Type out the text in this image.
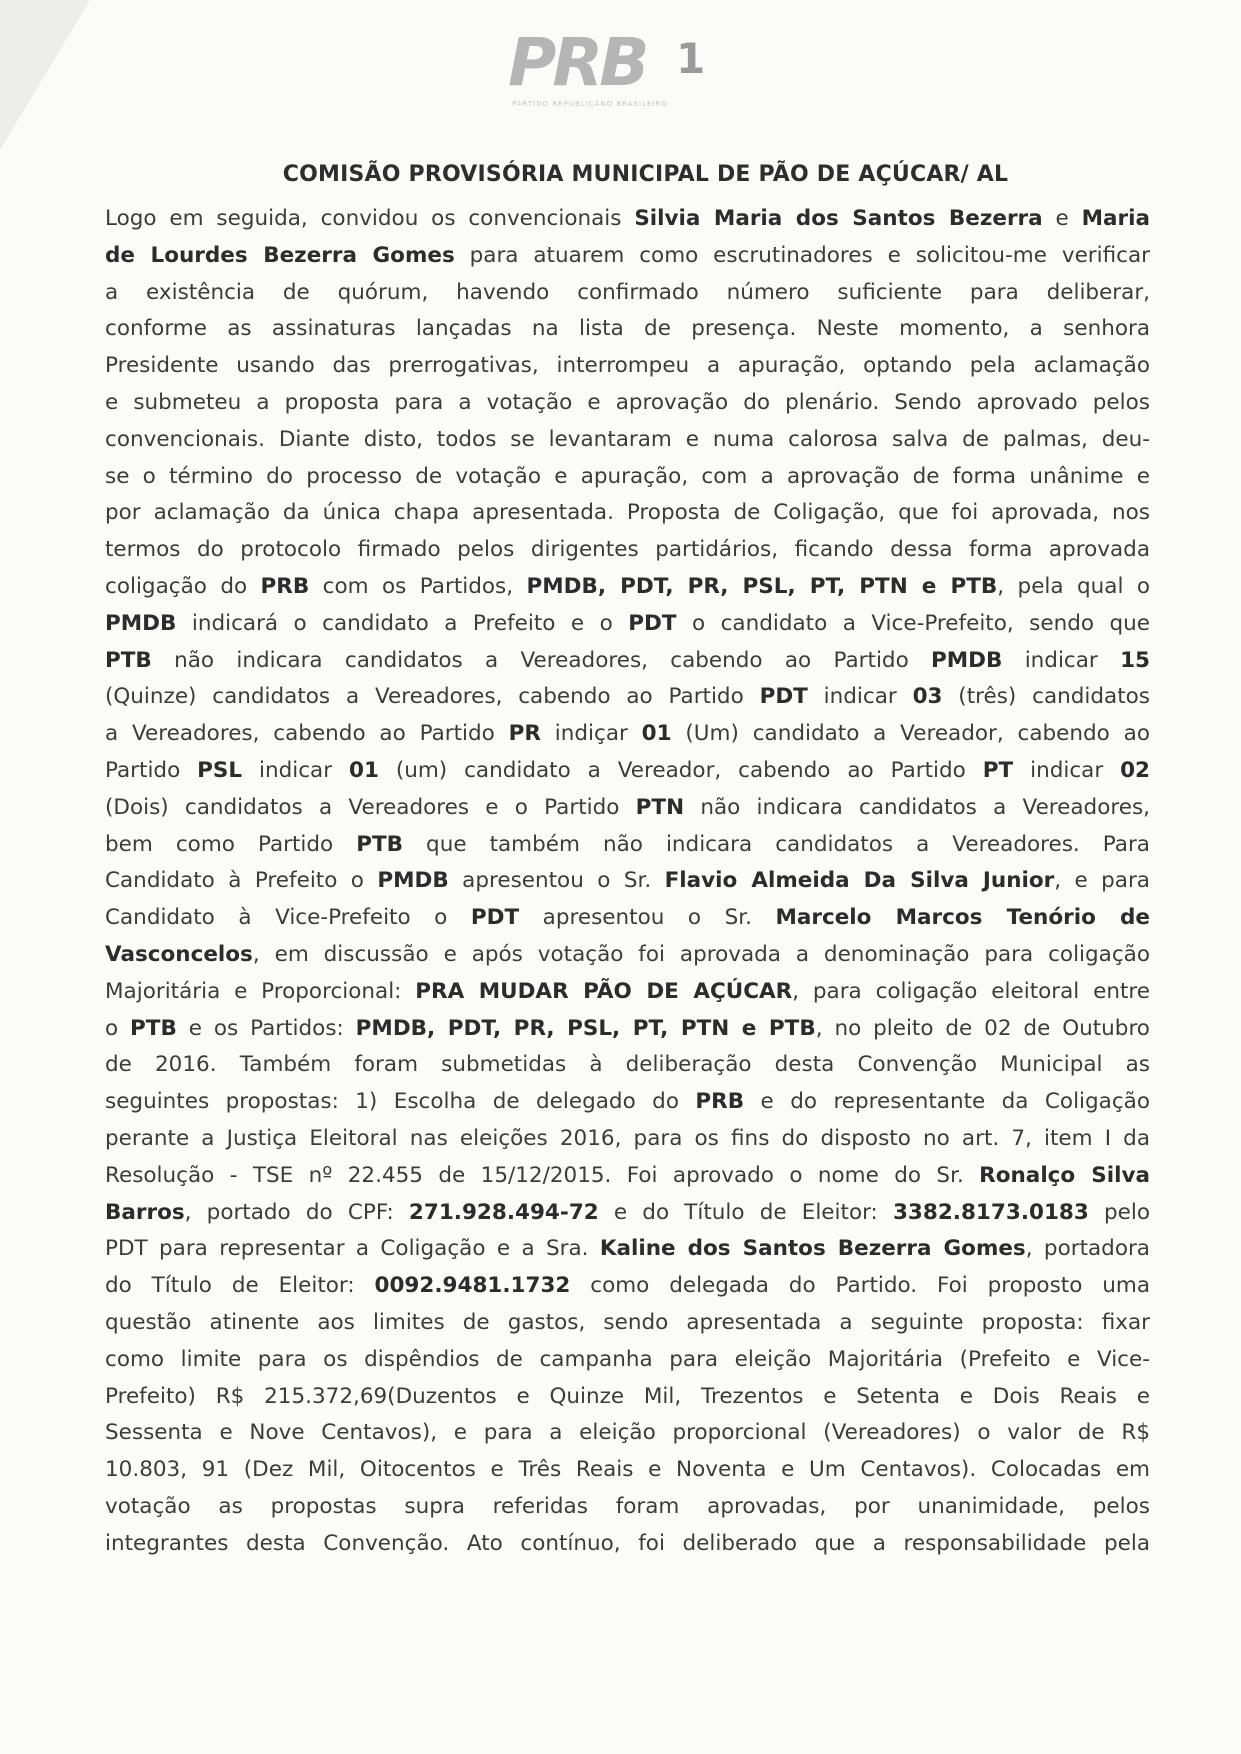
PRB 1
PARTIDO REPUBLICANO BRASILEIRO
COMISÃO PROVISÓRIA MUNICIPAL DE PÃO DE AÇÚCAR/ AL
Logo em seguida, convidou os convencionais Silvia Maria dos Santos Bezerra e Maria
de Lourdes Bezerra Gomes para atuarem como escrutinadores e solicitou-me verificar
a existência de quórum, havendo confirmado número suficiente para deliberar,
conforme as assinaturas lançadas na lista de presença. Neste momento, a senhora
Presidente usando das prerrogativas, interrompeu a apuração, optando pela aclamação
e submeteu a proposta para a votação e aprovação do plenário. Sendo aprovado pelos
convencionais. Diante disto, todos se levantaram e numa calorosa salva de palmas, deu-
se o término do processo de votação e apuração, com a aprovação de forma unânime e
por aclamação da única chapa apresentada. Proposta de Coligação, que foi aprovada, nos
termos do protocolo firmado pelos dirigentes partidários, ficando dessa forma aprovada
coligação do PRB com os Partidos, PMDB, PDT, PR, PSL, PT, PTN e PTB, pela qual o
PMDB indicará o candidato a Prefeito e o PDT o candidato a Vice-Prefeito, sendo que
PTB não indicara candidatos a Vereadores, cabendo ao Partido PMDB indicar 15
(Quinze) candidatos a Vereadores, cabendo ao Partido PDT indicar 03 (três) candidatos
a Vereadores, cabendo ao Partido PR indiçar 01 (Um) candidato a Vereador, cabendo ao
Partido PSL indicar 01 (um) candidato a Vereador, cabendo ao Partido PT indicar 02
(Dois) candidatos a Vereadores e o Partido PTN não indicara candidatos a Vereadores,
bem como Partido PTB que também não indicara candidatos a Vereadores. Para
Candidato à Prefeito o PMDB apresentou o Sr. Flavio Almeida Da Silva Junior, e para
Candidato à Vice-Prefeito o PDT apresentou o Sr. Marcelo Marcos Tenório de
Vasconcelos, em discussão e após votação foi aprovada a denominação para coligação
Majoritária e Proporcional: PRA MUDAR PÃO DE AÇÚCAR, para coligação eleitoral entre
o PTB e os Partidos: PMDB, PDT, PR, PSL, PT, PTN e PTB, no pleito de 02 de Outubro
de 2016. Também foram submetidas à deliberação desta Convenção Municipal as
seguintes propostas: 1) Escolha de delegado do PRB e do representante da Coligação
perante a Justiça Eleitoral nas eleições 2016, para os fins do disposto no art. 7, item I da
Resolução - TSE nº 22.455 de 15/12/2015. Foi aprovado o nome do Sr. Ronalço Silva
Barros, portado do CPF: 271.928.494-72 e do Título de Eleitor: 3382.8173.0183 pelo
PDT para representar a Coligação e a Sra. Kaline dos Santos Bezerra Gomes, portadora
do Título de Eleitor: 0092.9481.1732 como delegada do Partido. Foi proposto uma
questão atinente aos limites de gastos, sendo apresentada a seguinte proposta: fixar
como limite para os dispêndios de campanha para eleição Majoritária (Prefeito e Vice-
Prefeito) R$ 215.372,69(Duzentos e Quinze Mil, Trezentos e Setenta e Dois Reais e
Sessenta e Nove Centavos), e para a eleição proporcional (Vereadores) o valor de R$
10.803, 91 (Dez Mil, Oitocentos e Três Reais e Noventa e Um Centavos). Colocadas em
votação as propostas supra referidas foram aprovadas, por unanimidade, pelos
integrantes desta Convenção. Ato contínuo, foi deliberado que a responsabilidade pela
